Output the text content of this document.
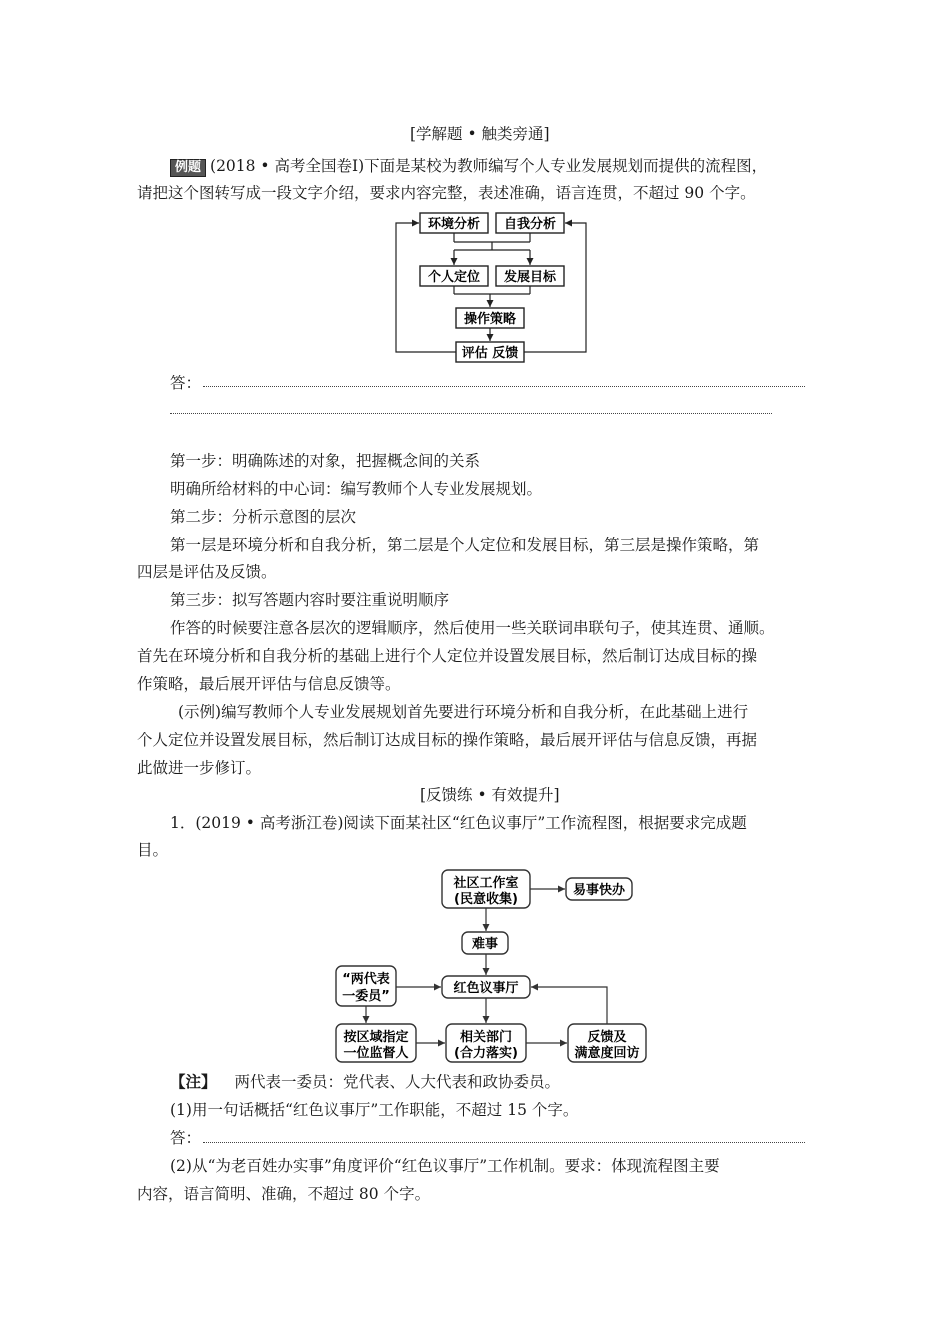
[学解题 • 触类旁通]
例题 (2018 • 高考全国卷Ⅰ)下面是某校为教师编写个人专业发展规划而提供的流程图，
请把这个图转写成一段文字介绍，要求内容完整，表述准确，语言连贯，不超过 90 个字。
环境分析 自我分析
个人定位 发展目标
操作策略
评估 反馈
答：
第一步：明确陈述的对象，把握概念间的关系
明确所给材料的中心词：编写教师个人专业发展规划。
第二步：分析示意图的层次
第一层是环境分析和自我分析，第二层是个人定位和发展目标，第三层是操作策略，第
四层是评估及反馈。
第三步：拟写答题内容时要注重说明顺序
作答的时候要注意各层次的逻辑顺序，然后使用一些关联词串联句子，使其连贯、通顺。
首先在环境分析和自我分析的基础上进行个人定位并设置发展目标，然后制订达成目标的操
作策略，最后展开评估与信息反馈等。
(示例)编写教师个人专业发展规划首先要进行环境分析和自我分析，在此基础上进行
个人定位并设置发展目标，然后制订达成目标的操作策略，最后展开评估与信息反馈，再据
此做进一步修订。
[反馈练 • 有效提升]
1．(2019 • 高考浙江卷)阅读下面某社区“红色议事厅”工作流程图，根据要求完成题
目。
社区工作室
(民意收集)
易事快办
难事
“两代表
一委员”
红色议事厅
按区域指定
一位监督人
相关部门
(合力落实)
反馈及
满意度回访
【注】 两代表一委员：党代表、人大代表和政协委员。
(1)用一句话概括“红色议事厅”工作职能，不超过 15 个字。
答：
(2)从“为老百姓办实事”角度评价“红色议事厅”工作机制。要求：体现流程图主要
内容，语言简明、准确，不超过 80 个字。
